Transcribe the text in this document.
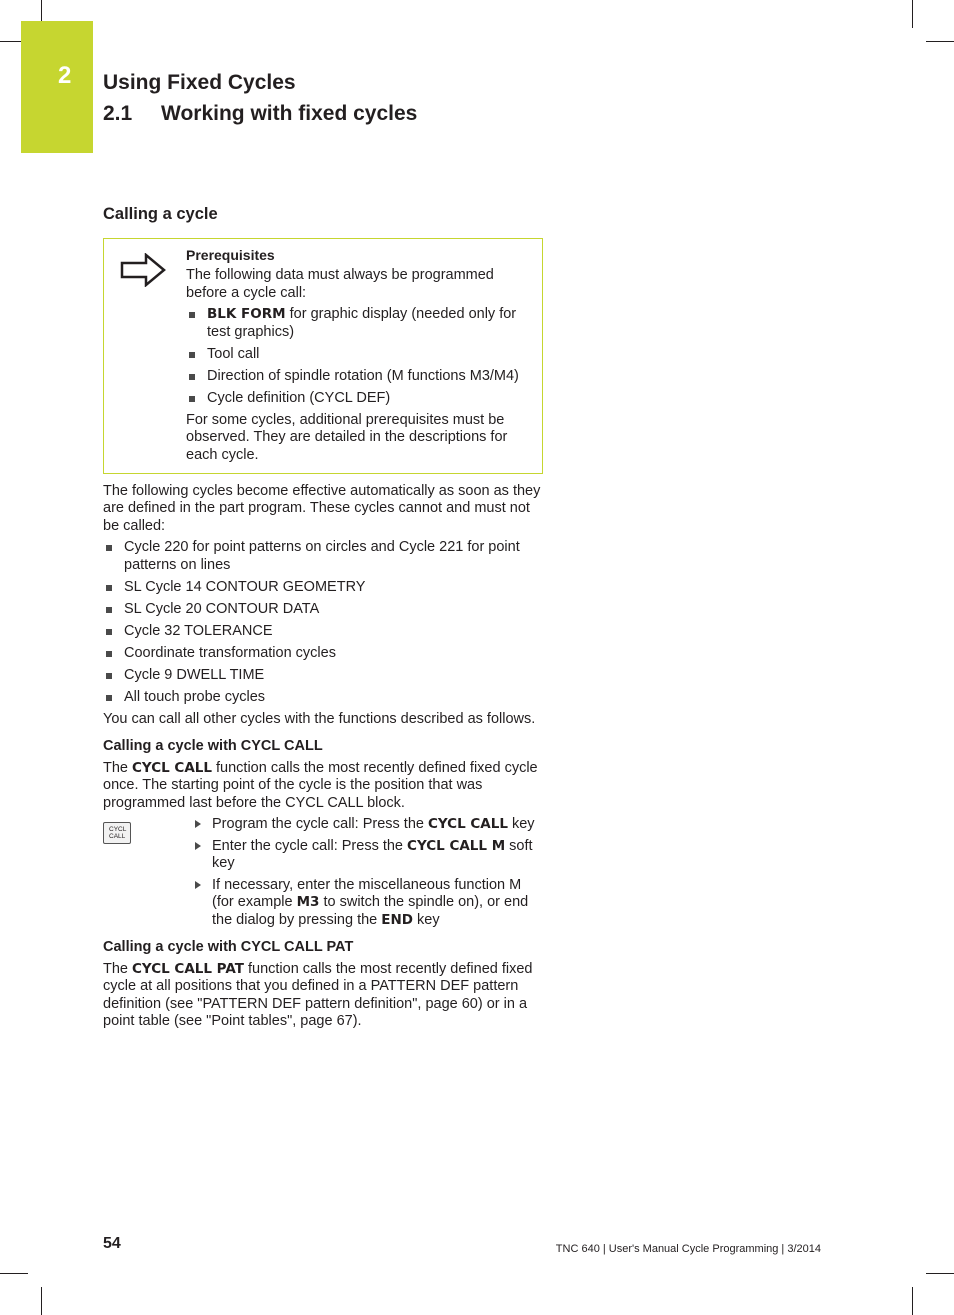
2 Using Fixed Cycles
2.1 Working with fixed cycles
Calling a cycle
Prerequisites

The following data must always be programmed before a cycle call:

BLK FORM for graphic display (needed only for test graphics)
Tool call
Direction of spindle rotation (M functions M3/M4)
Cycle definition (CYCL DEF)

For some cycles, additional prerequisites must be observed. They are detailed in the descriptions for each cycle.

The following cycles become effective automatically as soon as they are defined in the part program. These cycles cannot and must not be called:

Cycle 220 for point patterns on circles and Cycle 221 for point patterns on lines
SL Cycle 14 CONTOUR GEOMETRY
SL Cycle 20 CONTOUR DATA
Cycle 32 TOLERANCE
Coordinate transformation cycles
Cycle 9 DWELL TIME
All touch probe cycles

You can call all other cycles with the functions described as follows.

Calling a cycle with CYCL CALL

The CYCL CALL function calls the most recently defined fixed cycle once. The starting point of the cycle is the position that was programmed last before the CYCL CALL block.

CYCL
CALL
Program the cycle call: Press the CYCL CALL key
Enter the cycle call: Press the CYCL CALL M soft key
If necessary, enter the miscellaneous function M (for example M3 to switch the spindle on), or end the dialog by pressing the END key
Calling a cycle with CYCL CALL PAT

The CYCL CALL PAT function calls the most recently defined fixed cycle at all positions that you defined in a PATTERN DEF pattern definition (see "PATTERN DEF pattern definition", page 60) or in a point table (see "Point tables", page 67).

54	TNC 640 | User's Manual Cycle Programming | 3/2014
